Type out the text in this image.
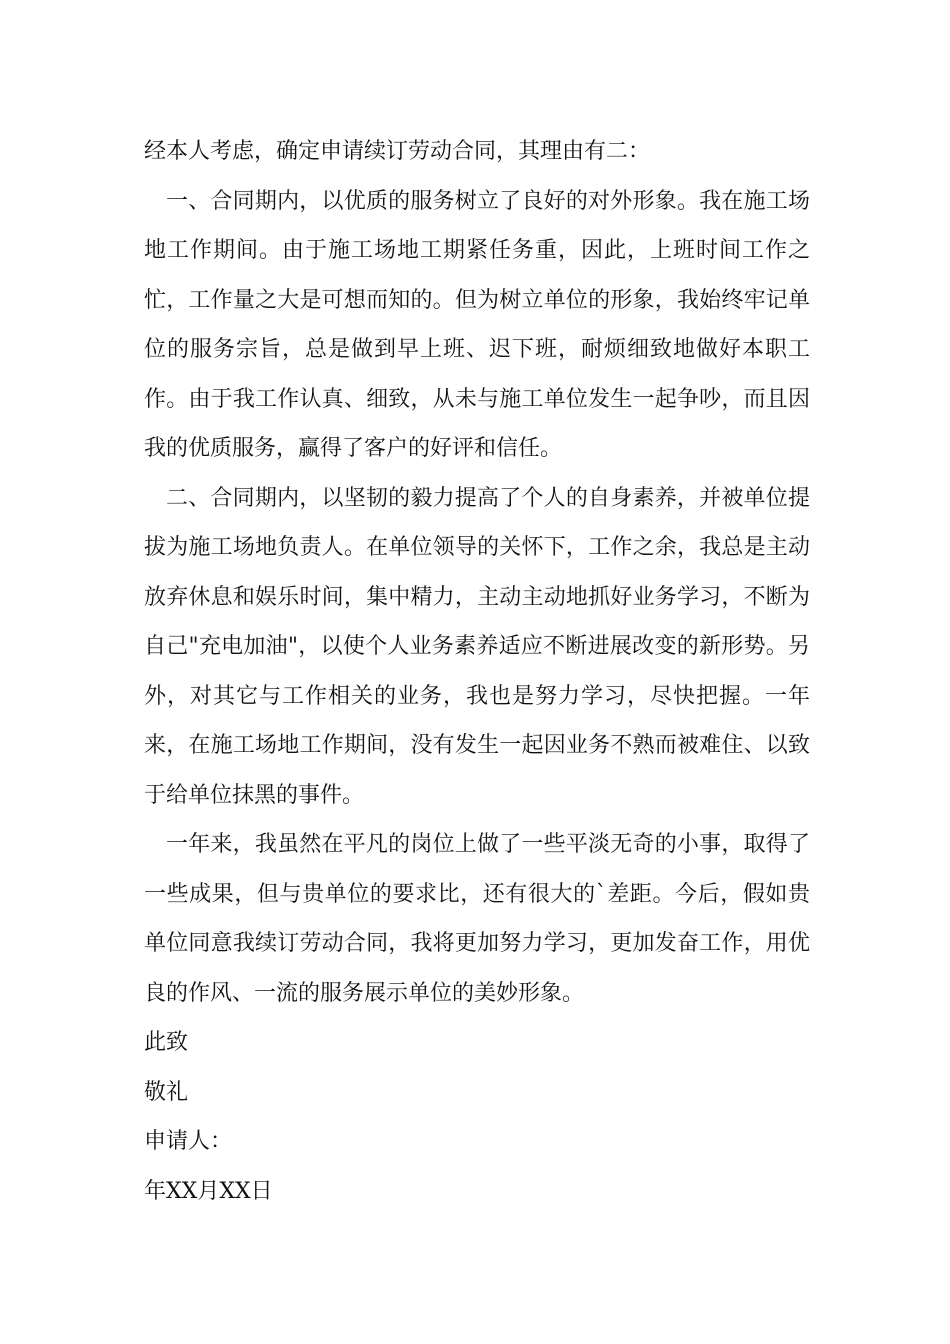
经本人考虑，确定申请续订劳动合同，其理由有二：

一、合同期内，以优质的服务树立了良好的对外形象。我在施工场地工作期间。由于施工场地工期紧任务重，因此，上班时间工作之忙，工作量之大是可想而知的。但为树立单位的形象，我始终牢记单位的服务宗旨，总是做到早上班、迟下班，耐烦细致地做好本职工作。由于我工作认真、细致，从未与施工单位发生一起争吵，而且因我的优质服务，赢得了客户的好评和信任。

二、合同期内，以坚韧的毅力提高了个人的自身素养，并被单位提拔为施工场地负责人。在单位领导的关怀下，工作之余，我总是主动放弃休息和娱乐时间，集中精力，主动主动地抓好业务学习，不断为自己"充电加油"，以使个人业务素养适应不断进展改变的新形势。另外，对其它与工作相关的业务，我也是努力学习，尽快把握。一年来，在施工场地工作期间，没有发生一起因业务不熟而被难住、以致于给单位抹黑的事件。

一年来，我虽然在平凡的岗位上做了一些平淡无奇的小事，取得了一些成果，但与贵单位的要求比，还有很大的`差距。今后，假如贵单位同意我续订劳动合同，我将更加努力学习，更加发奋工作，用优良的作风、一流的服务展示单位的美妙形象。

此致

敬礼

申请人：

年XX月XX日
